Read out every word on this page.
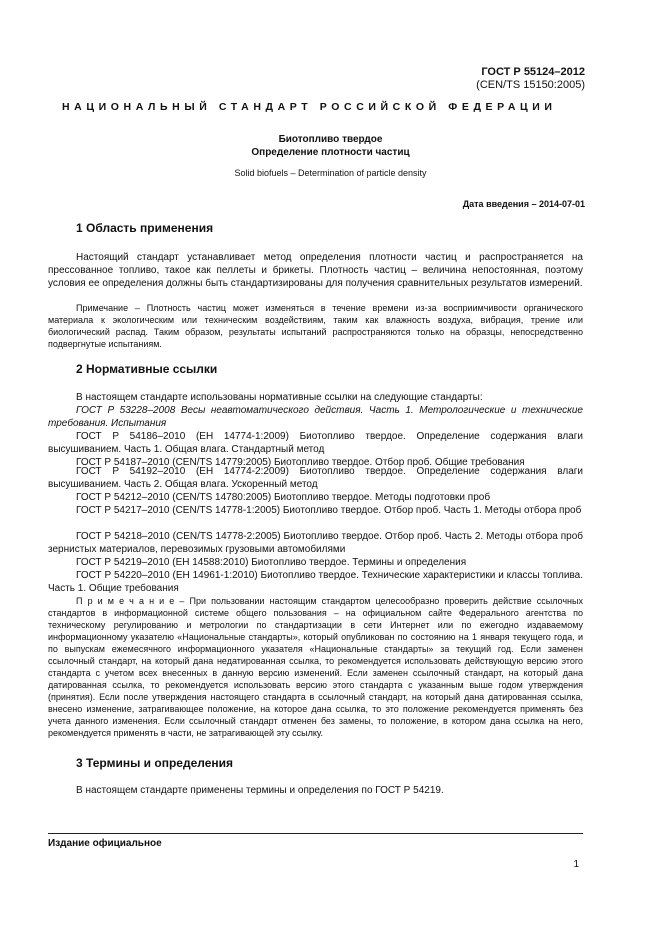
ГОСТ Р 55124–2012
(CEN/TS 15150:2005)
НАЦИОНАЛЬНЫЙ СТАНДАРТ РОССИЙСКОЙ ФЕДЕРАЦИИ
Биотопливо твердое
Определение плотности частиц
Solid biofuels – Determination of particle density
Дата введения – 2014-07-01
1 Область применения
Настоящий стандарт устанавливает метод определения плотности частиц и распространяется на прессованное топливо, такое как пеллеты и брикеты. Плотность частиц – величина непостоянная, поэтому условия ее определения должны быть стандартизированы для получения сравнительных результатов измерений.
Примечание – Плотность частиц может изменяться в течение времени из-за восприимчивости органического материала к экологическим или техническим воздействиям, таким как влажность воздуха, вибрация, трение или биологический распад. Таким образом, результаты испытаний распространяются только на образцы, непосредственно подвергнутые испытаниям.
2 Нормативные ссылки
В настоящем стандарте использованы нормативные ссылки на следующие стандарты:
ГОСТ Р 53228–2008 Весы неавтоматического действия. Часть 1. Метрологические и технические требования. Испытания
ГОСТ Р 54186–2010 (ЕН 14774-1:2009) Биотопливо твердое. Определение содержания влаги высушиванием. Часть 1. Общая влага. Стандартный метод
ГОСТ Р 54187–2010 (CEN/TS 14779:2005) Биотопливо твердое. Отбор проб. Общие требования
ГОСТ Р 54192–2010 (ЕН 14774-2:2009) Биотопливо твердое. Определение содержания влаги высушиванием. Часть 2. Общая влага. Ускоренный метод
ГОСТ Р 54212–2010 (CEN/TS 14780:2005) Биотопливо твердое. Методы подготовки проб
ГОСТ Р 54217–2010 (CEN/TS 14778-1:2005) Биотопливо твердое. Отбор проб. Часть 1. Методы отбора проб
ГОСТ Р 54218–2010 (CEN/TS 14778-2:2005) Биотопливо твердое. Отбор проб. Часть 2. Методы отбора проб зернистых материалов, перевозимых грузовыми автомобилями
ГОСТ Р 54219–2010 (ЕН 14588:2010) Биотопливо твердое. Термины и определения
ГОСТ Р 54220–2010 (ЕН 14961-1:2010) Биотопливо твердое. Технические характеристики и классы топлива. Часть 1. Общие требования
П р и м е ч а н и е – При пользовании настоящим стандартом целесообразно проверить действие ссылочных стандартов в информационной системе общего пользования – на официальном сайте Федерального агентства по техническому регулированию и метрологии по стандартизации в сети Интернет или по ежегодно издаваемому информационному указателю «Национальные стандарты», который опубликован по состоянию на 1 января текущего года, и по выпускам ежемесячного информационного указателя «Национальные стандарты» за текущий год. Если заменен ссылочный стандарт, на который дана недатированная ссылка, то рекомендуется использовать действующую версию этого стандарта с учетом всех внесенных в данную версию изменений. Если заменен ссылочный стандарт, на который дана датированная ссылка, то рекомендуется использовать версию этого стандарта с указанным выше годом утверждения (принятия). Если после утверждения настоящего стандарта в ссылочный стандарт, на который дана датированная ссылка, внесено изменение, затрагивающее положение, на которое дана ссылка, то это положение рекомендуется применять без учета данного изменения. Если ссылочный стандарт отменен без замены, то положение, в котором дана ссылка на него, рекомендуется применять в части, не затрагивающей эту ссылку.
3 Термины и определения
В настоящем стандарте применены термины и определения по ГОСТ Р 54219.
Издание официальное
1
